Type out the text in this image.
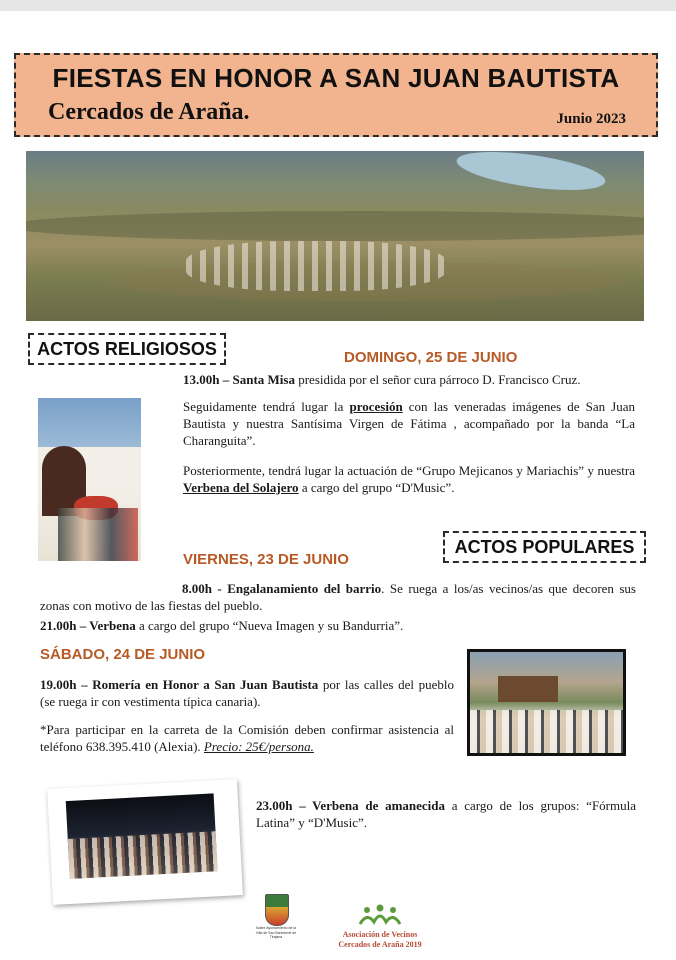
FIESTAS EN HONOR A SAN JUAN BAUTISTA
Cercados de Araña.	Junio 2023
ACTOS RELIGIOSOS	DOMINGO, 25 DE JUNIO
13.00h – Santa Misa presidida por el señor cura párroco D. Francisco Cruz.
Seguidamente tendrá lugar la procesión con las veneradas imágenes de San Juan Bautista y nuestra Santísima Virgen de Fátima , acompañado por la banda “La Charanguita”.
Posteriormente, tendrá lugar la actuación de “Grupo Mejicanos y Mariachis” y nuestra Verbena del Solajero a cargo del grupo “D'Music”.
ACTOS POPULARES
VIERNES, 23 DE JUNIO
8.00h - Engalanamiento del barrio. Se ruega a los/as vecinos/as que decoren sus zonas con motivo de las fiestas del pueblo.
21.00h – Verbena a cargo del grupo “Nueva Imagen y su Bandurria”.
SÁBADO, 24 DE JUNIO
19.00h – Romería en Honor a San Juan Bautista por las calles del pueblo (se ruega ir con vestimenta típica canaria).
*Para participar en la carreta de la Comisión deben confirmar asistencia al teléfono 638.395.410 (Alexia). Precio: 25€/persona.
23.00h – Verbena de amanecida a cargo de los grupos: “Fórmula Latina” y “D'Music”.
Ilustre Ayuntamiento de la Villa de San Bartolomé de Tirajana	Asociación de Vecinos
Cercados de Araña 2019
